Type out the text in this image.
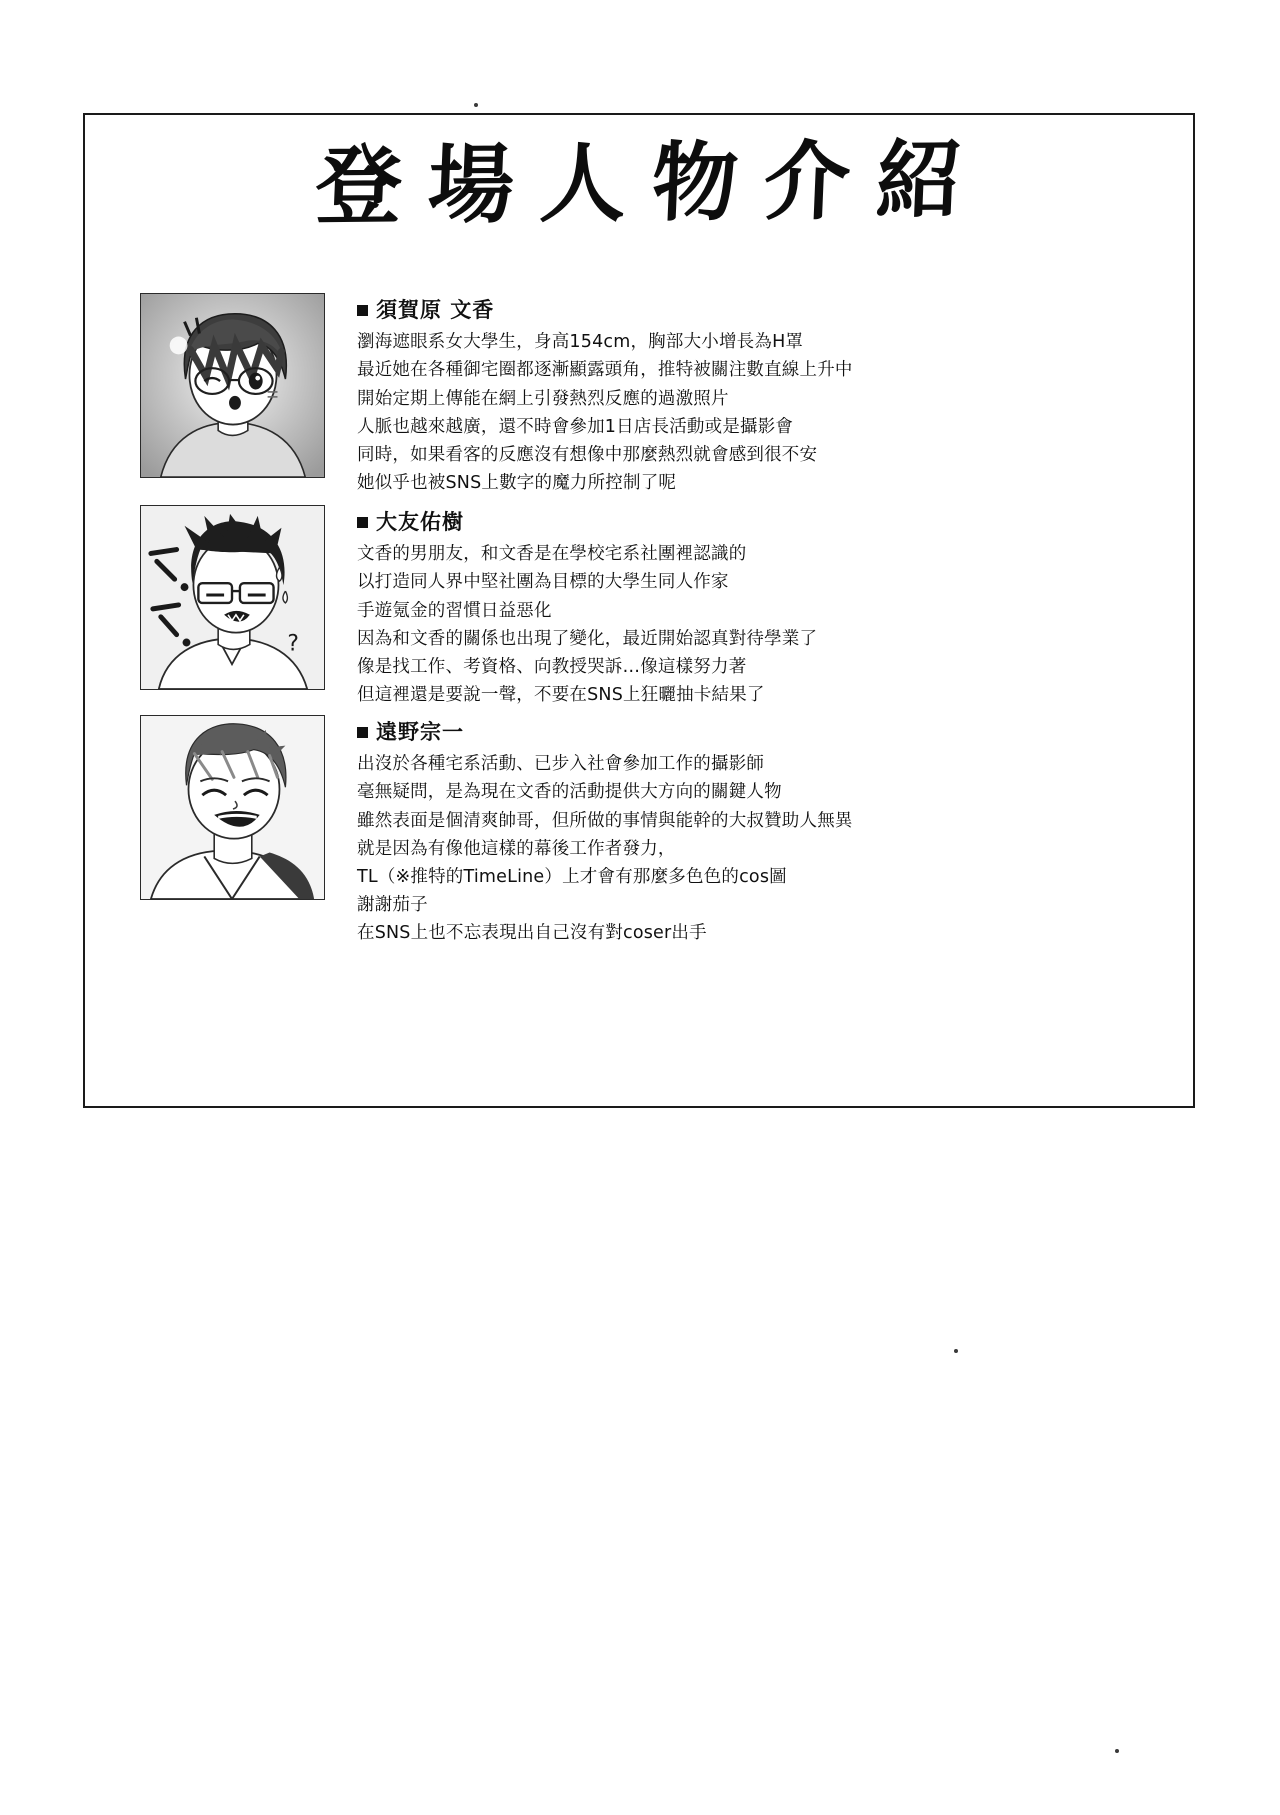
登場人物介紹
須賀原 文香
瀏海遮眼系女大學生，身高154cm，胸部大小增長為H罩
最近她在各種御宅圈都逐漸顯露頭角，推特被關注數直線上升中
開始定期上傳能在網上引發熱烈反應的過激照片
人脈也越來越廣，還不時會參加1日店長活動或是攝影會
同時，如果看客的反應沒有想像中那麼熱烈就會感到很不安
她似乎也被SNS上數字的魔力所控制了呢
?
大友佑樹
文香的男朋友，和文香是在學校宅系社團裡認識的
以打造同人界中堅社團為目標的大學生同人作家
手遊氪金的習慣日益惡化
因為和文香的關係也出現了變化，最近開始認真對待學業了
像是找工作、考資格、向教授哭訴…像這樣努力著
但這裡還是要說一聲，不要在SNS上狂曬抽卡結果了
遠野宗一
出沒於各種宅系活動、已步入社會參加工作的攝影師
毫無疑問，是為現在文香的活動提供大方向的關鍵人物
雖然表面是個清爽帥哥，但所做的事情與能幹的大叔贊助人無異
就是因為有像他這樣的幕後工作者發力，
TL（※推特的TimeLine）上才會有那麼多色色的cos圖
謝謝茄子
在SNS上也不忘表現出自己沒有對coser出手
